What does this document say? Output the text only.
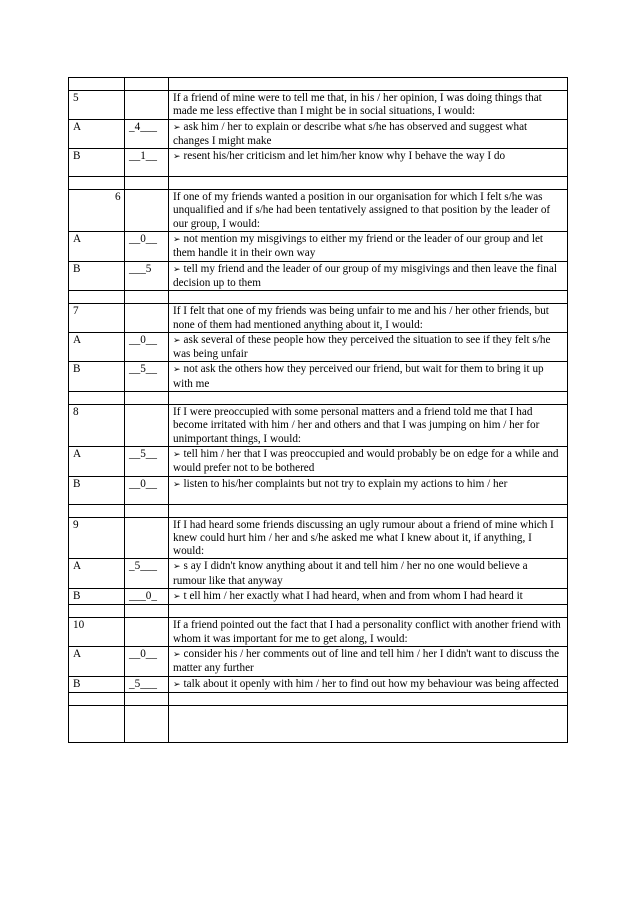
5		If a friend of mine were to tell me that, in his / her opinion, I was doing things that made me less effective than I might be in social situations, I would:
A	_4___	➢ ask him / her to explain or describe what s/he has observed and suggest what changes I might make
B	__1__	➢ resent his/her criticism and let him/her know why I behave the way I do

6		If one of my friends wanted a position in our organisation for which I felt s/he was unqualified and if s/he had been tentatively assigned to that position by the leader of our group, I would:
A	__0__	➢ not mention my misgivings to either my friend or the leader of our group and let them handle it in their own way
B	___5	➢ tell my friend and the leader of our group of my misgivings and then leave the final decision up to them

7		If I felt that one of my friends was being unfair to me and his / her other friends, but none of them had mentioned anything about it, I would:
A	__0__	➢ ask several of these people how they perceived the situation to see if they felt s/he was being unfair
B	__5__	➢ not ask the others how they perceived our friend, but wait for them to bring it up with me

8		If I were preoccupied with some personal matters and a friend told me that I had become irritated with him / her and others and that I was jumping on him / her for unimportant things, I would:
A	__5__	➢ tell him / her that I was preoccupied and would probably be on edge for a while and would prefer not to be bothered
B	__0__	➢ listen to his/her complaints but not try to explain my actions to him / her

9		If I had heard some friends discussing an ugly rumour about a friend of mine which I knew could hurt him / her and s/he asked me what I knew about it, if anything, I would:
A	_5___	➢ s ay I didn't know anything about it and tell him / her no one would believe a rumour like that anyway
B	___0_	➢ t ell him / her exactly what I had heard, when and from whom I had heard it

10		If a friend pointed out the fact that I had a personality conflict with another friend with whom it was important for me to get along, I would:
A	__0__	➢ consider his / her comments out of line and tell him / her I didn't want to discuss the matter any further
B	_5___	➢ talk about it openly with him / her to find out how my behaviour was being affected
